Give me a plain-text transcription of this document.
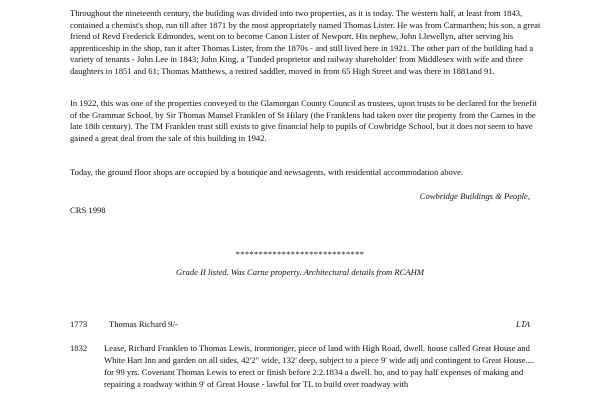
Throughout the nineteenth century, the building was divided into two properties, as it is today. The western half, at least from 1843, contained a chemist's shop, run till after 1871 by the most appropriately named Thomas Lister. He was from Carmarthen; his son, a great friend of Revd Frederick Edmondes, went on to become Canon Lister of Newport. His nephew, John Llewellyn, after serving his apprenticeship in the shop, ran it after Thomas Lister, from the 1870s - and still lived here in 1921. The other part of the building had a variety of tenants - John Lee in 1843; John King, a 'Tunded proprietor and railway shareholder' from Middlesex with wife and three daughters in 1851 and 61; Thomas Matthews, a retired saddler, moved in from 65 High Street and was there in 1881and 91.

In 1922, this was one of the properties conveyed to the Glamorgan County Council as trustees, upon trusts to be declared for the benefit of the Grammar School, by Sir Thomas Mansel Franklen of St Hilary (the Franklens had taken over the property from the Carnes in the late 18th century). The TM Franklen trust still exists to give financial help to pupils of Cowbridge School, but it does not seem to have gained a great deal from the sale of this building in 1942.

Today, the ground floor shops are occupied by a boutique and newsagents, with residential accommodation above.

Cowbridge Buildings & People,

CRS 1998

****************************

Grade II listed. Was Carne property. Architectural details from RCAHM

1773	Thomas Richard 9/-	LTA

1832 Lease, Richard Franklen to Thomas Lewis, ironmonger, piece of land with High Road, dwell. house called Great House and White Hart Inn and garden on all sides, 42'2" wide, 132' deep, subject to a piece 9' wide adj and contingent to Great House.... for 99 yrs. Covenant Thomas Lewis to erect or finish before 2.2.1834 a dwell. ho, and to pay half expenses of making and repairing a roadway within 9' of Great House - lawful for TL to build over roadway with
